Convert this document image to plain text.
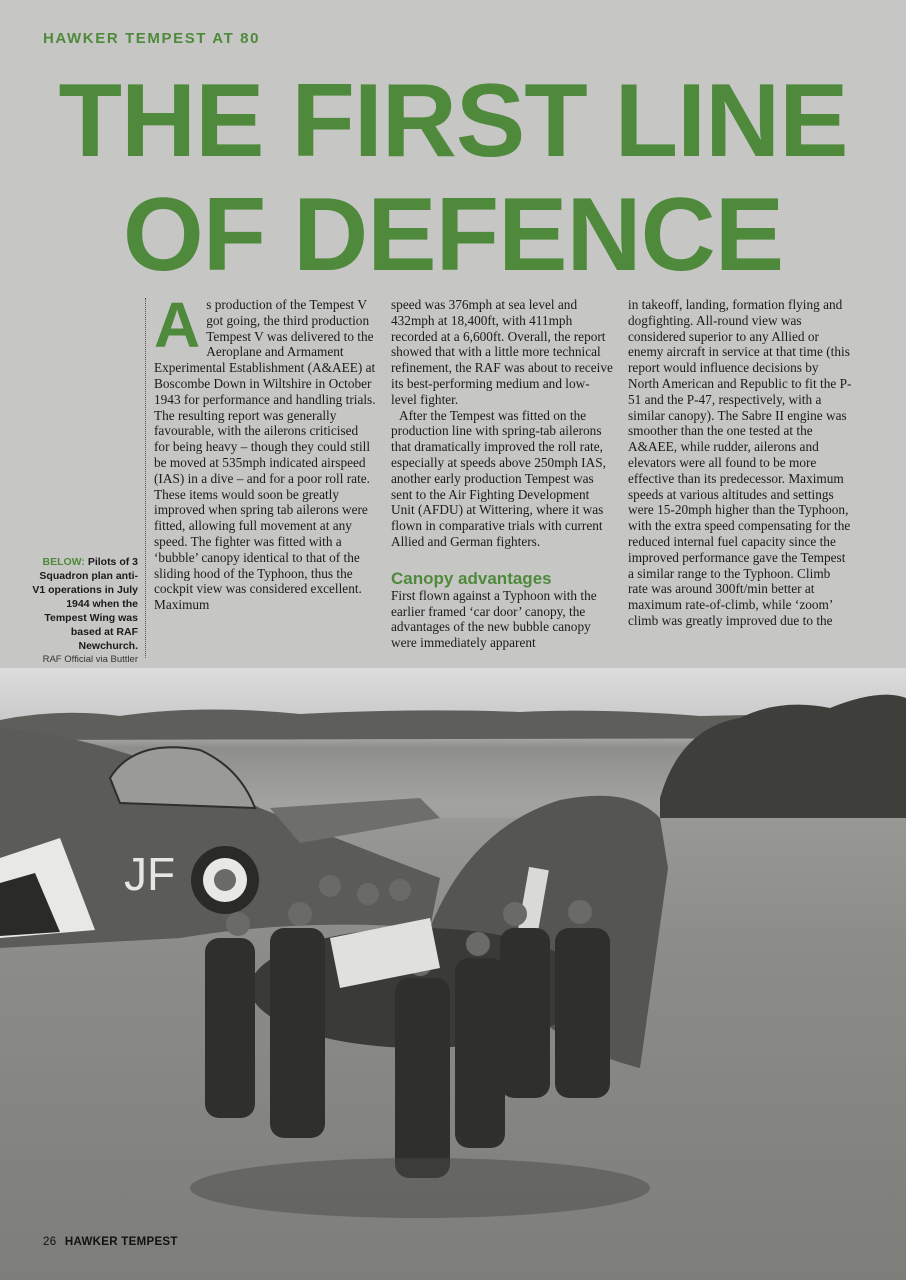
HAWKER TEMPEST AT 80
THE FIRST LINE
OF DEFENCE
BELOW: Pilots of 3 Squadron plan anti-V1 operations in July 1944 when the Tempest Wing was based at RAF Newchurch.
RAF Official via Buttler
A s production of the Tempest V got going, the third production Tempest V was delivered to the Aeroplane and Armament Experimental Establishment (A&AEE) at Boscombe Down in Wiltshire in October 1943 for performance and handling trials. The resulting report was generally favourable, with the ailerons criticised for being heavy – though they could still be moved at 535mph indicated airspeed (IAS) in a dive – and for a poor roll rate. These items would soon be greatly improved when spring tab ailerons were fitted, allowing full movement at any speed. The fighter was fitted with a ‘bubble’ canopy identical to that of the sliding hood of the Typhoon, thus the cockpit view was considered excellent. Maximum

speed was 376mph at sea level and 432mph at 18,400ft, with 411mph recorded at a 6,600ft. Overall, the report showed that with a little more technical refinement, the RAF was about to receive its best-performing medium and low-level fighter.

After the Tempest was fitted on the production line with spring-tab ailerons that dramatically improved the roll rate, especially at speeds above 250mph IAS, another early production Tempest was sent to the Air Fighting Development Unit (AFDU) at Wittering, where it was flown in comparative trials with current Allied and German fighters.

Canopy advantages

First flown against a Typhoon with the earlier framed ‘car door’ canopy, the advantages of the new bubble canopy were immediately apparent

in takeoff, landing, formation flying and dogfighting. All-round view was considered superior to any Allied or enemy aircraft in service at that time (this report would influence decisions by North American and Republic to fit the P-51 and the P-47, respectively, with a similar canopy). The Sabre II engine was smoother than the one tested at the A&AEE, while rudder, ailerons and elevators were all found to be more effective than its predecessor. Maximum speeds at various altitudes and settings were 15-20mph higher than the Typhoon, with the extra speed compensating for the reduced internal fuel capacity since the improved performance gave the Tempest a similar range to the Typhoon. Climb rate was around 300ft/min better at maximum rate-of-climb, while ‘zoom’ climb was greatly improved due to the

JF
26 HAWKER TEMPEST
